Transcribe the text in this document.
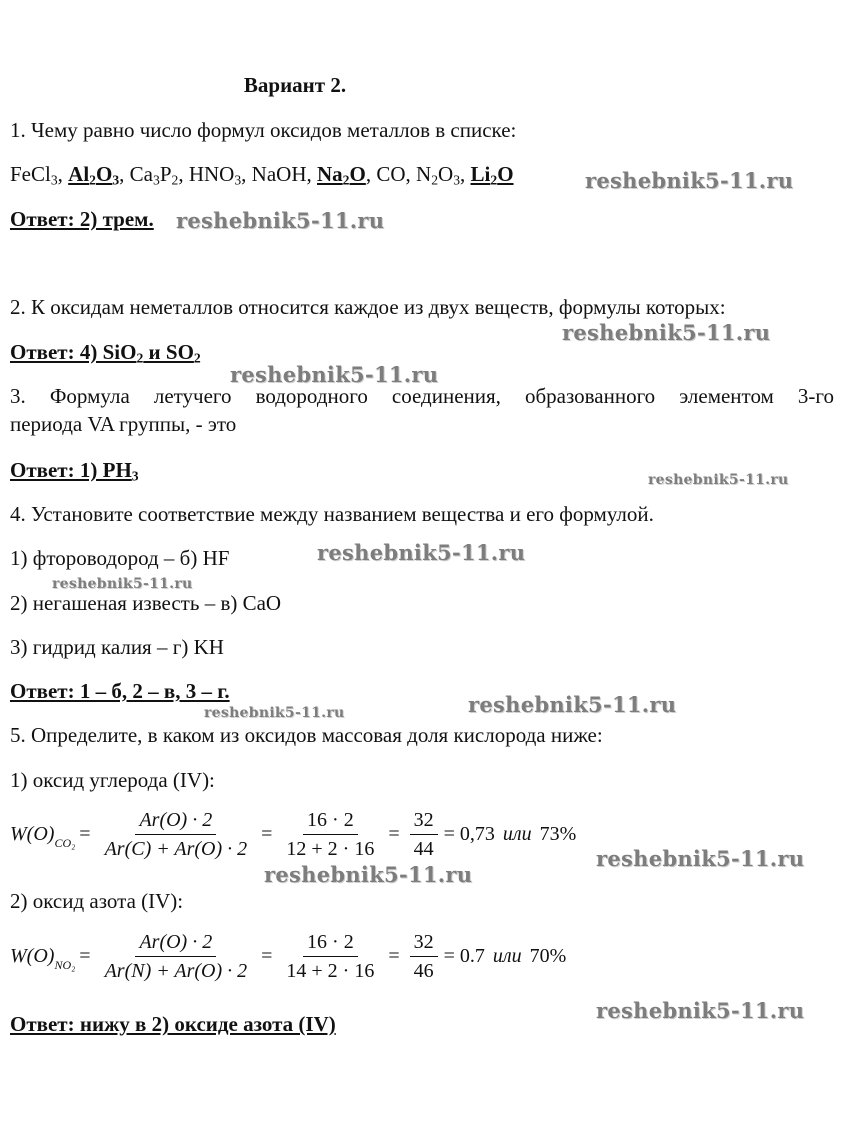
Вариант 2.
1. Чему равно число формул оксидов металлов в списке:
FeCl$_3$, $Al_2O_3$, $Ca_3P_2$, $HNO_3$, NaOH, $Na_2O$, CO, $N_2O_3$, $Li_2O$
Ответ: 2) трем.
2. К оксидам неметаллов относится каждое из двух веществ, формулы которых:
Ответ: 4) SiO$_2$ и $SO_2$
3. Формула летучего водородного соединения, образованного элементом 3-го
периода VA группы, - это
Ответ: 1) $PH_3$
4. Установите соответствие между названием вещества и его формулой.
1) фтороводород – б) HF
2) негашеная известь – в) CaO
3) гидрид калия – г) KH
Ответ: 1 – б, 2 – в, 3 – г.
5. Определите, в каком из оксидов массовая доля кислорода ниже:
1) оксид углерода (IV):
W(O) $CO_2 = \frac{Ar(O) \cdot 2}{Ar(C) + Ar(O) \cdot 2} = \frac{16 \cdot 2}{12 + 2 \cdot 16} = \frac{32}{44} = 0,73$ или 73%
2) оксид азота (IV):
W(O) $NO_2 = \frac{Ar(O) \cdot 2}{Ar(N) + Ar(O) \cdot 2} = \frac{16 \cdot 2}{14 + 2 \cdot 16} = \frac{32}{46} = 0.7$ или 70%
Ответ: нижу в 2) оксиде азота (IV)
reshebnik5-11.ru
reshebnik5-11.ru
reshebnik5-11.ru
reshebnik5-11.ru
reshebnik5-11.ru
reshebnik5-11.ru
reshebnik5-11.ru
reshebnik5-11.ru
reshebnik5-11.ru
reshebnik5-11.ru
reshebnik5-11.ru
reshebnik5-11.ru
